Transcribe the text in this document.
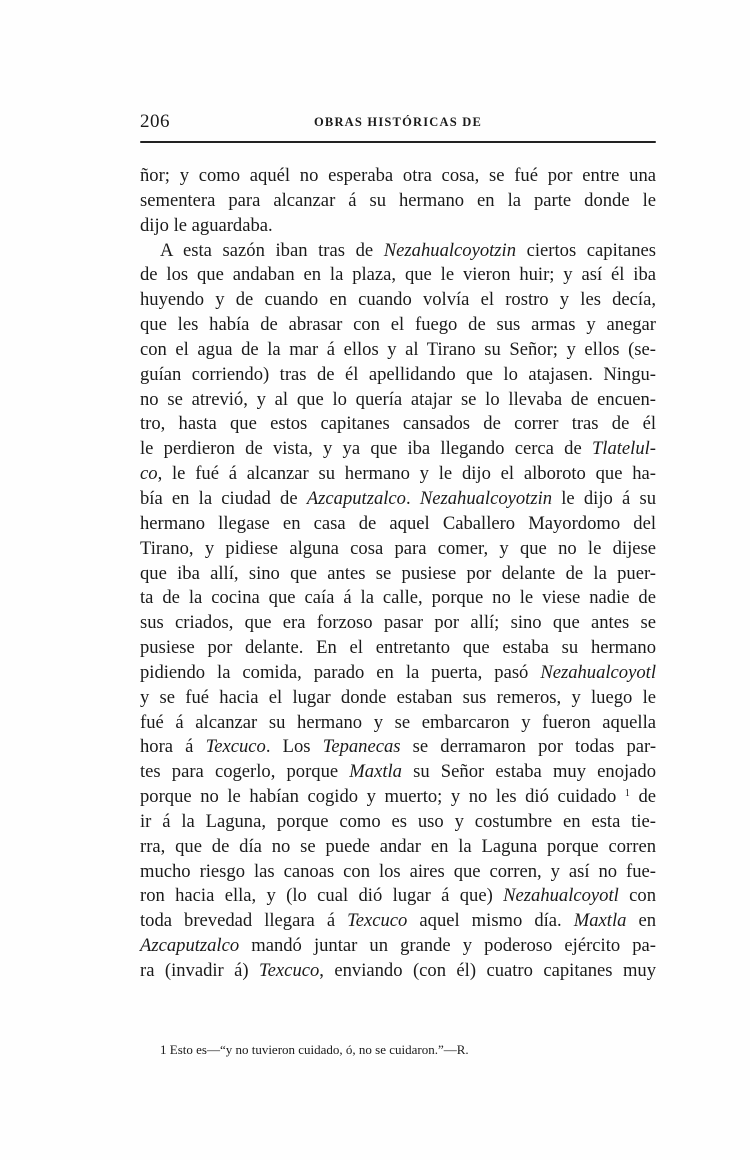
206	OBRAS HISTÓRICAS DE
ñor; y como aquél no esperaba otra cosa, se fué por entre una
sementera para alcanzar á su hermano en la parte donde le
dijo le aguardaba.
A esta sazón iban tras de Nezahualcoyotzin ciertos capitanes
de los que andaban en la plaza, que le vieron huir; y así él iba
huyendo y de cuando en cuando volvía el rostro y les decía,
que les había de abrasar con el fuego de sus armas y anegar
con el agua de la mar á ellos y al Tirano su Señor; y ellos (se-
guían corriendo) tras de él apellidando que lo atajasen. Ningu-
no se atrevió, y al que lo quería atajar se lo llevaba de encuen-
tro, hasta que estos capitanes cansados de correr tras de él
le perdieron de vista, y ya que iba llegando cerca de Tlatelul-
co, le fué á alcanzar su hermano y le dijo el alboroto que ha-
bía en la ciudad de Azcaputzalco. Nezahualcoyotzin le dijo á su
hermano llegase en casa de aquel Caballero Mayordomo del
Tirano, y pidiese alguna cosa para comer, y que no le dijese
que iba allí, sino que antes se pusiese por delante de la puer-
ta de la cocina que caía á la calle, porque no le viese nadie de
sus criados, que era forzoso pasar por allí; sino que antes se
pusiese por delante. En el entretanto que estaba su hermano
pidiendo la comida, parado en la puerta, pasó Nezahualcoyotl
y se fué hacia el lugar donde estaban sus remeros, y luego le
fué á alcanzar su hermano y se embarcaron y fueron aquella
hora á Texcuco. Los Tepanecas se derramaron por todas par-
tes para cogerlo, porque Maxtla su Señor estaba muy enojado
porque no le habían cogido y muerto; y no les dió cuidado $^1$ de
ir á la Laguna, porque como es uso y costumbre en esta tie-
rra, que de día no se puede andar en la Laguna porque corren
mucho riesgo las canoas con los aires que corren, y así no fue-
ron hacia ella, y (lo cual dió lugar á que) Nezahualcoyotl con
toda brevedad llegara á Texcuco aquel mismo día. Maxtla en
Azcaputzalco mandó juntar un grande y poderoso ejército pa-
ra (invadir á) Texcuco, enviando (con él) cuatro capitanes muy
1 Esto es—“y no tuvieron cuidado, ó, no se cuidaron.”—R.
